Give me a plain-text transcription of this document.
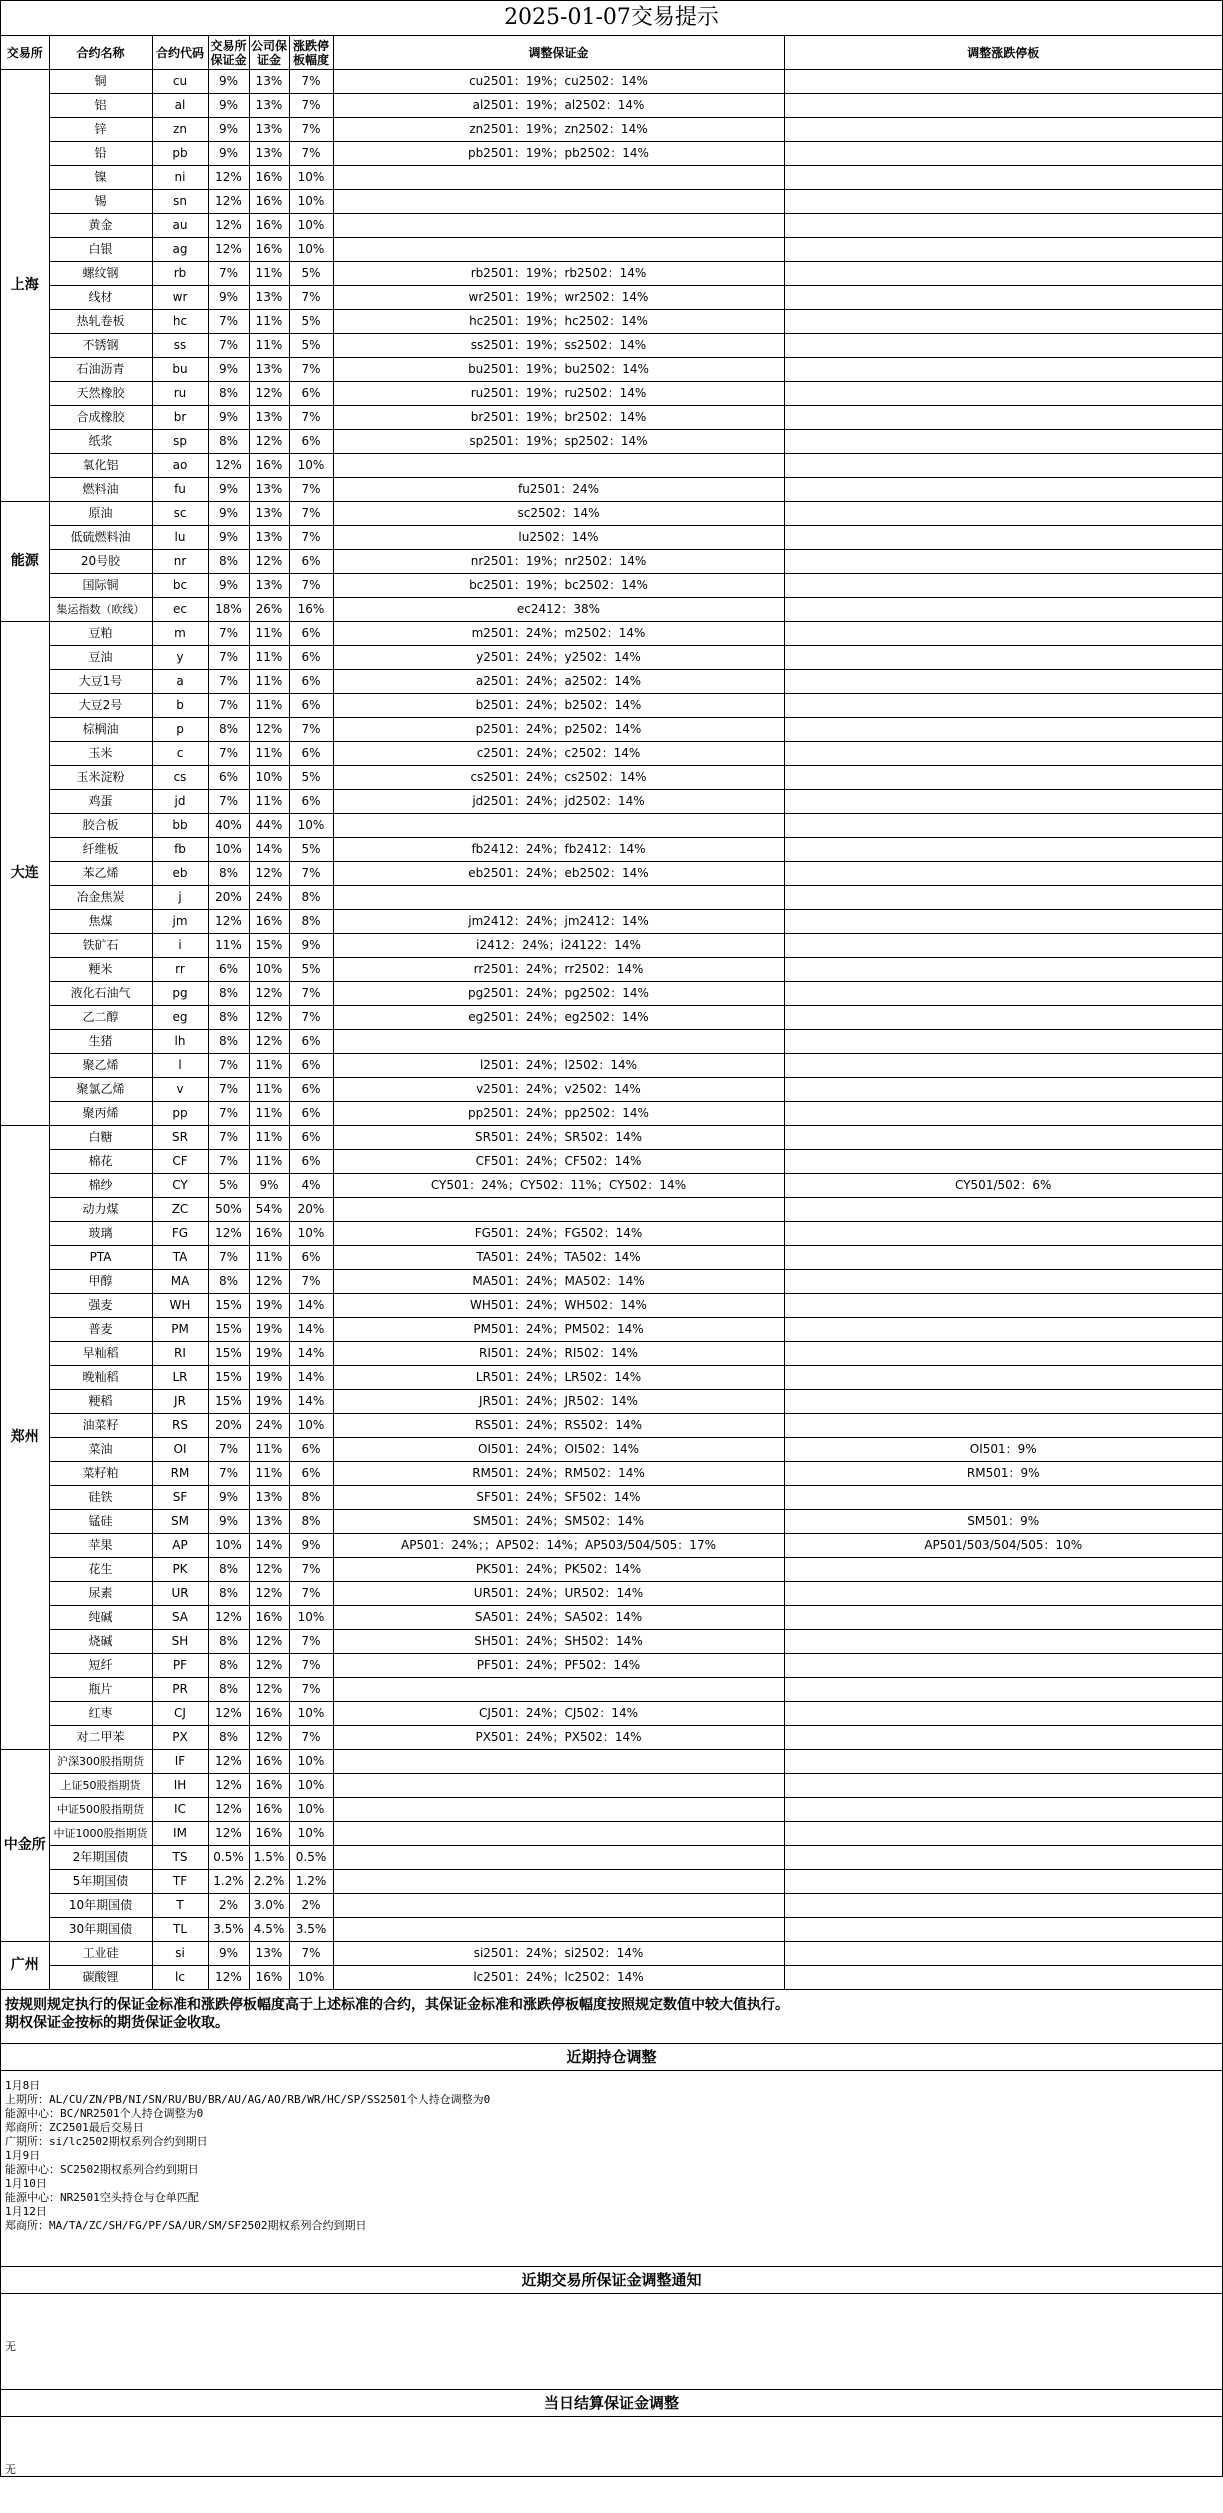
2025-01-07交易提示
交易所	合约名称	合约代码	交易所保证金	公司保证金	涨跌停板幅度	调整保证金	调整涨跌停板
上海	铜	cu	9%	13%	7%	cu2501：19%；cu2502：14%	
	铝	al	9%	13%	7%	al2501：19%；al2502：14%	
	锌	zn	9%	13%	7%	zn2501：19%；zn2502：14%	
	铅	pb	9%	13%	7%	pb2501：19%；pb2502：14%	
	镍	ni	12%	16%	10%		
	锡	sn	12%	16%	10%		
	黄金	au	12%	16%	10%		
	白银	ag	12%	16%	10%		
	螺纹钢	rb	7%	11%	5%	rb2501：19%；rb2502：14%	
	线材	wr	9%	13%	7%	wr2501：19%；wr2502：14%	
	热轧卷板	hc	7%	11%	5%	hc2501：19%；hc2502：14%	
	不锈钢	ss	7%	11%	5%	ss2501：19%；ss2502：14%	
	石油沥青	bu	9%	13%	7%	bu2501：19%；bu2502：14%	
	天然橡胶	ru	8%	12%	6%	ru2501：19%；ru2502：14%	
	合成橡胶	br	9%	13%	7%	br2501：19%；br2502：14%	
	纸浆	sp	8%	12%	6%	sp2501：19%；sp2502：14%	
	氧化铝	ao	12%	16%	10%		
	燃料油	fu	9%	13%	7%	fu2501：24%	
能源	原油	sc	9%	13%	7%	sc2502：14%	
	低硫燃料油	lu	9%	13%	7%	lu2502：14%	
	20号胶	nr	8%	12%	6%	nr2501：19%；nr2502：14%	
	国际铜	bc	9%	13%	7%	bc2501：19%；bc2502：14%	
	集运指数（欧线）	ec	18%	26%	16%	ec2412：38%	
大连	豆粕	m	7%	11%	6%	m2501：24%；m2502：14%	
	豆油	y	7%	11%	6%	y2501：24%；y2502：14%	
	大豆1号	a	7%	11%	6%	a2501：24%；a2502：14%	
	大豆2号	b	7%	11%	6%	b2501：24%；b2502：14%	
	棕榈油	p	8%	12%	7%	p2501：24%；p2502：14%	
	玉米	c	7%	11%	6%	c2501：24%；c2502：14%	
	玉米淀粉	cs	6%	10%	5%	cs2501：24%；cs2502：14%	
	鸡蛋	jd	7%	11%	6%	jd2501：24%；jd2502：14%	
	胶合板	bb	40%	44%	10%		
	纤维板	fb	10%	14%	5%	fb2412：24%；fb2412：14%	
	苯乙烯	eb	8%	12%	7%	eb2501：24%；eb2502：14%	
	冶金焦炭	j	20%	24%	8%		
	焦煤	jm	12%	16%	8%	jm2412：24%；jm2412：14%	
	铁矿石	i	11%	15%	9%	i2412：24%；i24122：14%	
	粳米	rr	6%	10%	5%	rr2501：24%；rr2502：14%	
	液化石油气	pg	8%	12%	7%	pg2501：24%；pg2502：14%	
	乙二醇	eg	8%	12%	7%	eg2501：24%；eg2502：14%	
	生猪	lh	8%	12%	6%		
	聚乙烯	l	7%	11%	6%	l2501：24%；l2502：14%	
	聚氯乙烯	v	7%	11%	6%	v2501：24%；v2502：14%	
	聚丙烯	pp	7%	11%	6%	pp2501：24%；pp2502：14%	
郑州	白糖	SR	7%	11%	6%	SR501：24%；SR502：14%	
	棉花	CF	7%	11%	6%	CF501：24%；CF502：14%	
	棉纱	CY	5%	9%	4%	CY501：24%；CY502：11%；CY502：14%	CY501/502：6%
	动力煤	ZC	50%	54%	20%		
	玻璃	FG	12%	16%	10%	FG501：24%；FG502：14%	
	PTA	TA	7%	11%	6%	TA501：24%；TA502：14%	
	甲醇	MA	8%	12%	7%	MA501：24%；MA502：14%	
	强麦	WH	15%	19%	14%	WH501：24%；WH502：14%	
	普麦	PM	15%	19%	14%	PM501：24%；PM502：14%	
	早籼稻	RI	15%	19%	14%	RI501：24%；RI502：14%	
	晚籼稻	LR	15%	19%	14%	LR501：24%；LR502：14%	
	粳稻	JR	15%	19%	14%	JR501：24%；JR502：14%	
	油菜籽	RS	20%	24%	10%	RS501：24%；RS502：14%	
	菜油	OI	7%	11%	6%	OI501：24%；OI502：14%	OI501：9%
	菜籽粕	RM	7%	11%	6%	RM501：24%；RM502：14%	RM501：9%
	硅铁	SF	9%	13%	8%	SF501：24%；SF502：14%	
	锰硅	SM	9%	13%	8%	SM501：24%；SM502：14%	SM501：9%
	苹果	AP	10%	14%	9%	AP501：24%；；AP502：14%；AP503/504/505：17%	AP501/503/504/505：10%
	花生	PK	8%	12%	7%	PK501：24%；PK502：14%	
	尿素	UR	8%	12%	7%	UR501：24%；UR502：14%	
	纯碱	SA	12%	16%	10%	SA501：24%；SA502：14%	
	烧碱	SH	8%	12%	7%	SH501：24%；SH502：14%	
	短纤	PF	8%	12%	7%	PF501：24%；PF502：14%	
	瓶片	PR	8%	12%	7%		
	红枣	CJ	12%	16%	10%	CJ501：24%；CJ502：14%	
	对二甲苯	PX	8%	12%	7%	PX501：24%；PX502：14%	
中金所	沪深300股指期货	IF	12%	16%	10%		
	上证50股指期货	IH	12%	16%	10%		
	中证500股指期货	IC	12%	16%	10%		
	中证1000股指期货	IM	12%	16%	10%		
	2年期国债	TS	0.5%	1.5%	0.5%		
	5年期国债	TF	1.2%	2.2%	1.2%		
	10年期国债	T	2%	3.0%	2%		
	30年期国债	TL	3.5%	4.5%	3.5%		
广州	工业硅	si	9%	13%	7%	si2501：24%；si2502：14%	
	碳酸锂	lc	12%	16%	10%	lc2501：24%；lc2502：14%	
按规则规定执行的保证金标准和涨跌停板幅度高于上述标准的合约，其保证金标准和涨跌停板幅度按照规定数值中较大值执行。
期权保证金按标的期货保证金收取。
近期持仓调整
1月8日
上期所：AL/CU/ZN/PB/NI/SN/RU/BU/BR/AU/AG/AO/RB/WR/HC/SP/SS2501个人持仓调整为0
能源中心：BC/NR2501个人持仓调整为0
郑商所：ZC2501最后交易日
广期所：si/lc2502期权系列合约到期日
1月9日
能源中心：SC2502期权系列合约到期日
1月10日
能源中心：NR2501空头持仓与仓单匹配
1月12日
郑商所：MA/TA/ZC/SH/FG/PF/SA/UR/SM/SF2502期权系列合约到期日
近期交易所保证金调整通知
无
当日结算保证金调整
无
